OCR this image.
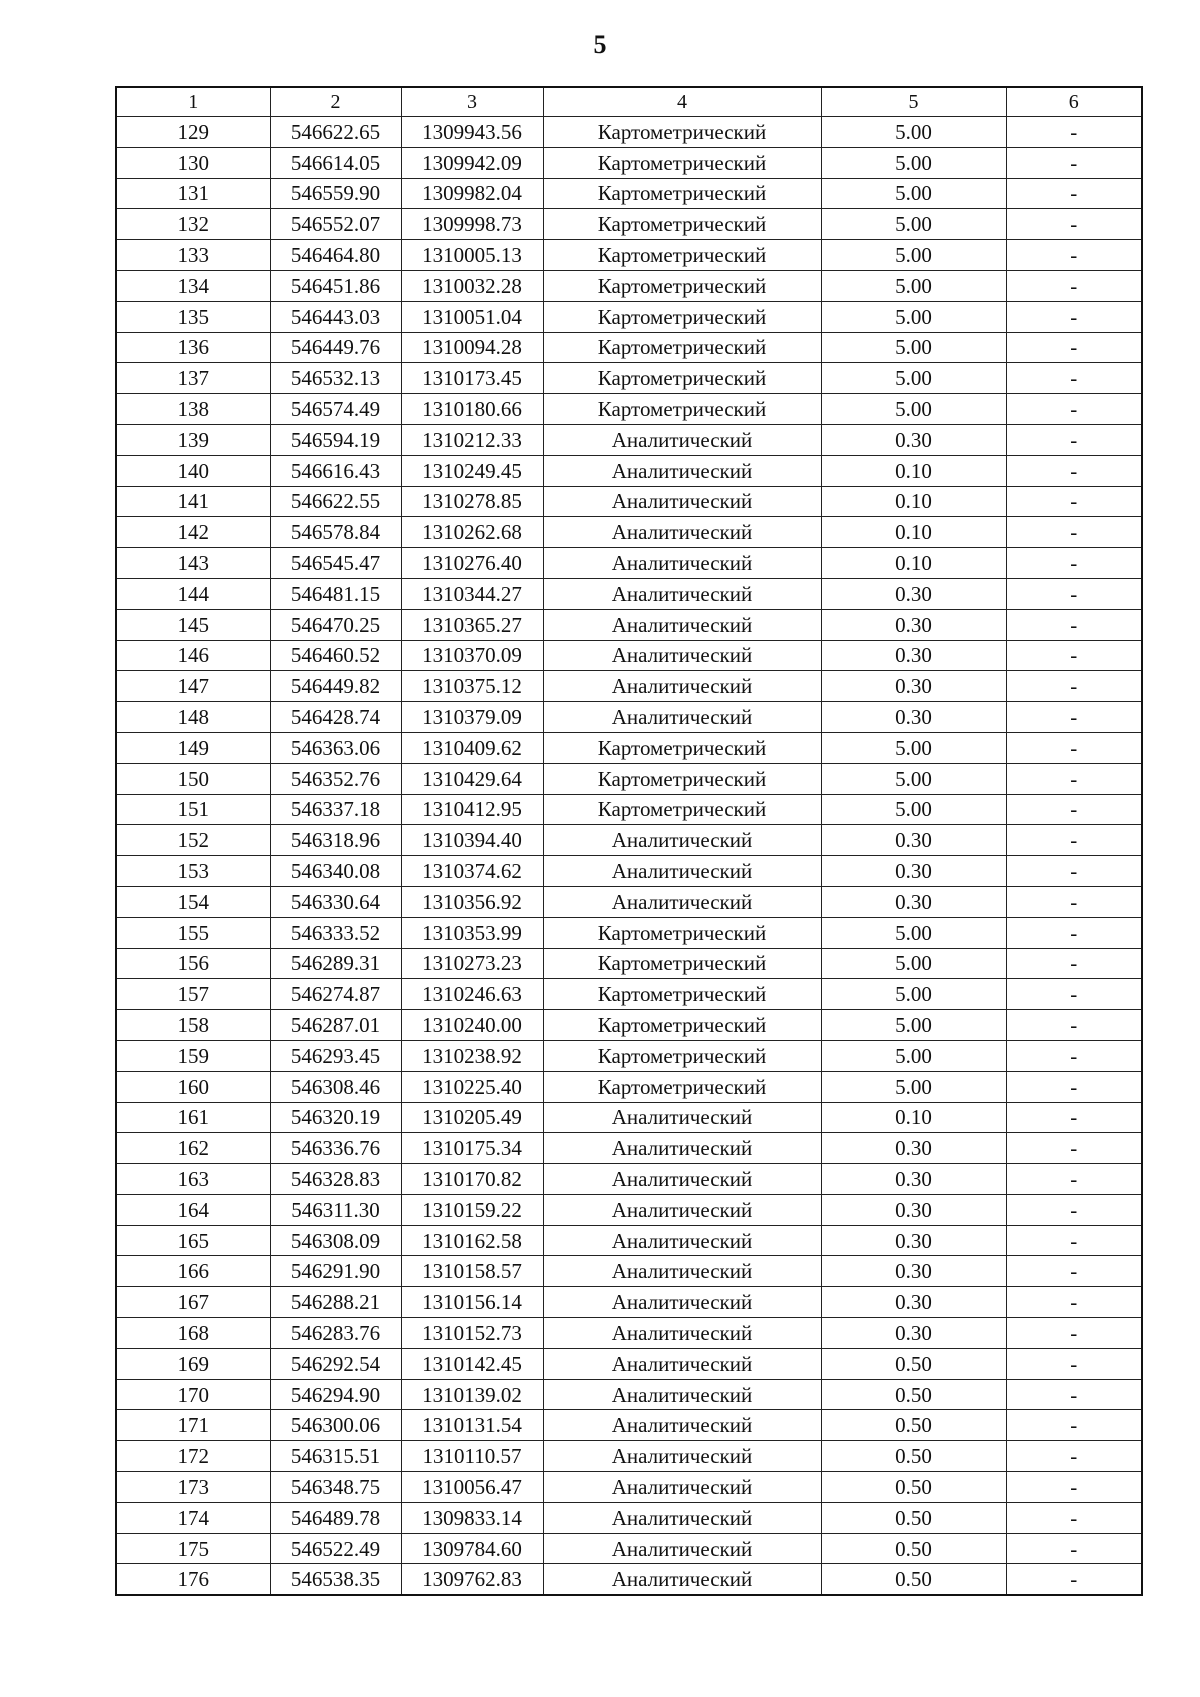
5
1	2	3	4	5	6
129	546622.65	1309943.56	Картометрический	5.00	-
130	546614.05	1309942.09	Картометрический	5.00	-
131	546559.90	1309982.04	Картометрический	5.00	-
132	546552.07	1309998.73	Картометрический	5.00	-
133	546464.80	1310005.13	Картометрический	5.00	-
134	546451.86	1310032.28	Картометрический	5.00	-
135	546443.03	1310051.04	Картометрический	5.00	-
136	546449.76	1310094.28	Картометрический	5.00	-
137	546532.13	1310173.45	Картометрический	5.00	-
138	546574.49	1310180.66	Картометрический	5.00	-
139	546594.19	1310212.33	Аналитический	0.30	-
140	546616.43	1310249.45	Аналитический	0.10	-
141	546622.55	1310278.85	Аналитический	0.10	-
142	546578.84	1310262.68	Аналитический	0.10	-
143	546545.47	1310276.40	Аналитический	0.10	-
144	546481.15	1310344.27	Аналитический	0.30	-
145	546470.25	1310365.27	Аналитический	0.30	-
146	546460.52	1310370.09	Аналитический	0.30	-
147	546449.82	1310375.12	Аналитический	0.30	-
148	546428.74	1310379.09	Аналитический	0.30	-
149	546363.06	1310409.62	Картометрический	5.00	-
150	546352.76	1310429.64	Картометрический	5.00	-
151	546337.18	1310412.95	Картометрический	5.00	-
152	546318.96	1310394.40	Аналитический	0.30	-
153	546340.08	1310374.62	Аналитический	0.30	-
154	546330.64	1310356.92	Аналитический	0.30	-
155	546333.52	1310353.99	Картометрический	5.00	-
156	546289.31	1310273.23	Картометрический	5.00	-
157	546274.87	1310246.63	Картометрический	5.00	-
158	546287.01	1310240.00	Картометрический	5.00	-
159	546293.45	1310238.92	Картометрический	5.00	-
160	546308.46	1310225.40	Картометрический	5.00	-
161	546320.19	1310205.49	Аналитический	0.10	-
162	546336.76	1310175.34	Аналитический	0.30	-
163	546328.83	1310170.82	Аналитический	0.30	-
164	546311.30	1310159.22	Аналитический	0.30	-
165	546308.09	1310162.58	Аналитический	0.30	-
166	546291.90	1310158.57	Аналитический	0.30	-
167	546288.21	1310156.14	Аналитический	0.30	-
168	546283.76	1310152.73	Аналитический	0.30	-
169	546292.54	1310142.45	Аналитический	0.50	-
170	546294.90	1310139.02	Аналитический	0.50	-
171	546300.06	1310131.54	Аналитический	0.50	-
172	546315.51	1310110.57	Аналитический	0.50	-
173	546348.75	1310056.47	Аналитический	0.50	-
174	546489.78	1309833.14	Аналитический	0.50	-
175	546522.49	1309784.60	Аналитический	0.50	-
176	546538.35	1309762.83	Аналитический	0.50	-
